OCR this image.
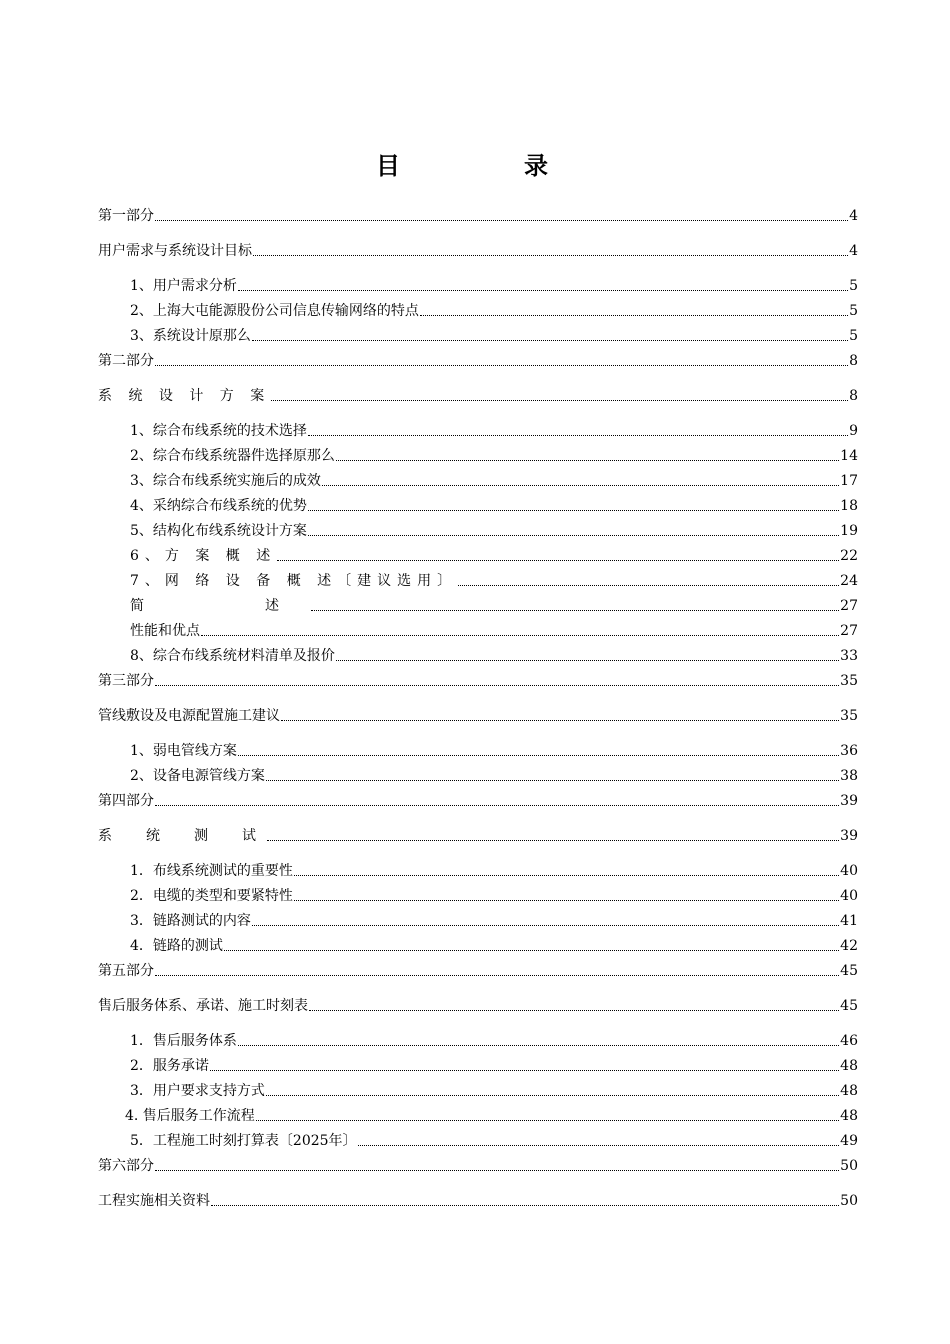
目　录
第一部分	4
用户需求与系统设计目标	4
1、用户需求分析	5
2、上海大屯能源股份公司信息传输网络的特点	5
3、系统设计原那么	5
第二部分	8
系 统 设 计 方 案	8
1、综合布线系统的技术选择	9
2、综合布线系统器件选择原那么	14
3、综合布线系统实施后的成效	17
4、采纳综合布线系统的优势	18
5、结构化布线系统设计方案	19
6、方 案 概 述	22
7、网 络 设 备 概 述〔建议选用〕	24
简　　述	27
性能和优点	27
8、综合布线系统材料清单及报价	33
第三部分	35
管线敷设及电源配置施工建议	35
1、弱电管线方案	36
2、设备电源管线方案	38
第四部分	39
系　统　测　试	39
1．布线系统测试的重要性	40
2．电缆的类型和要紧特性	40
3．链路测试的内容	41
4．链路的测试	42
第五部分	45
售后服务体系、承诺、施工时刻表	45
1．售后服务体系	46
2．服务承诺	48
3．用户要求支持方式	48
4. 售后服务工作流程	48
5．工程施工时刻打算表〔2025年〕	49
第六部分	50
工程实施相关资料	50
